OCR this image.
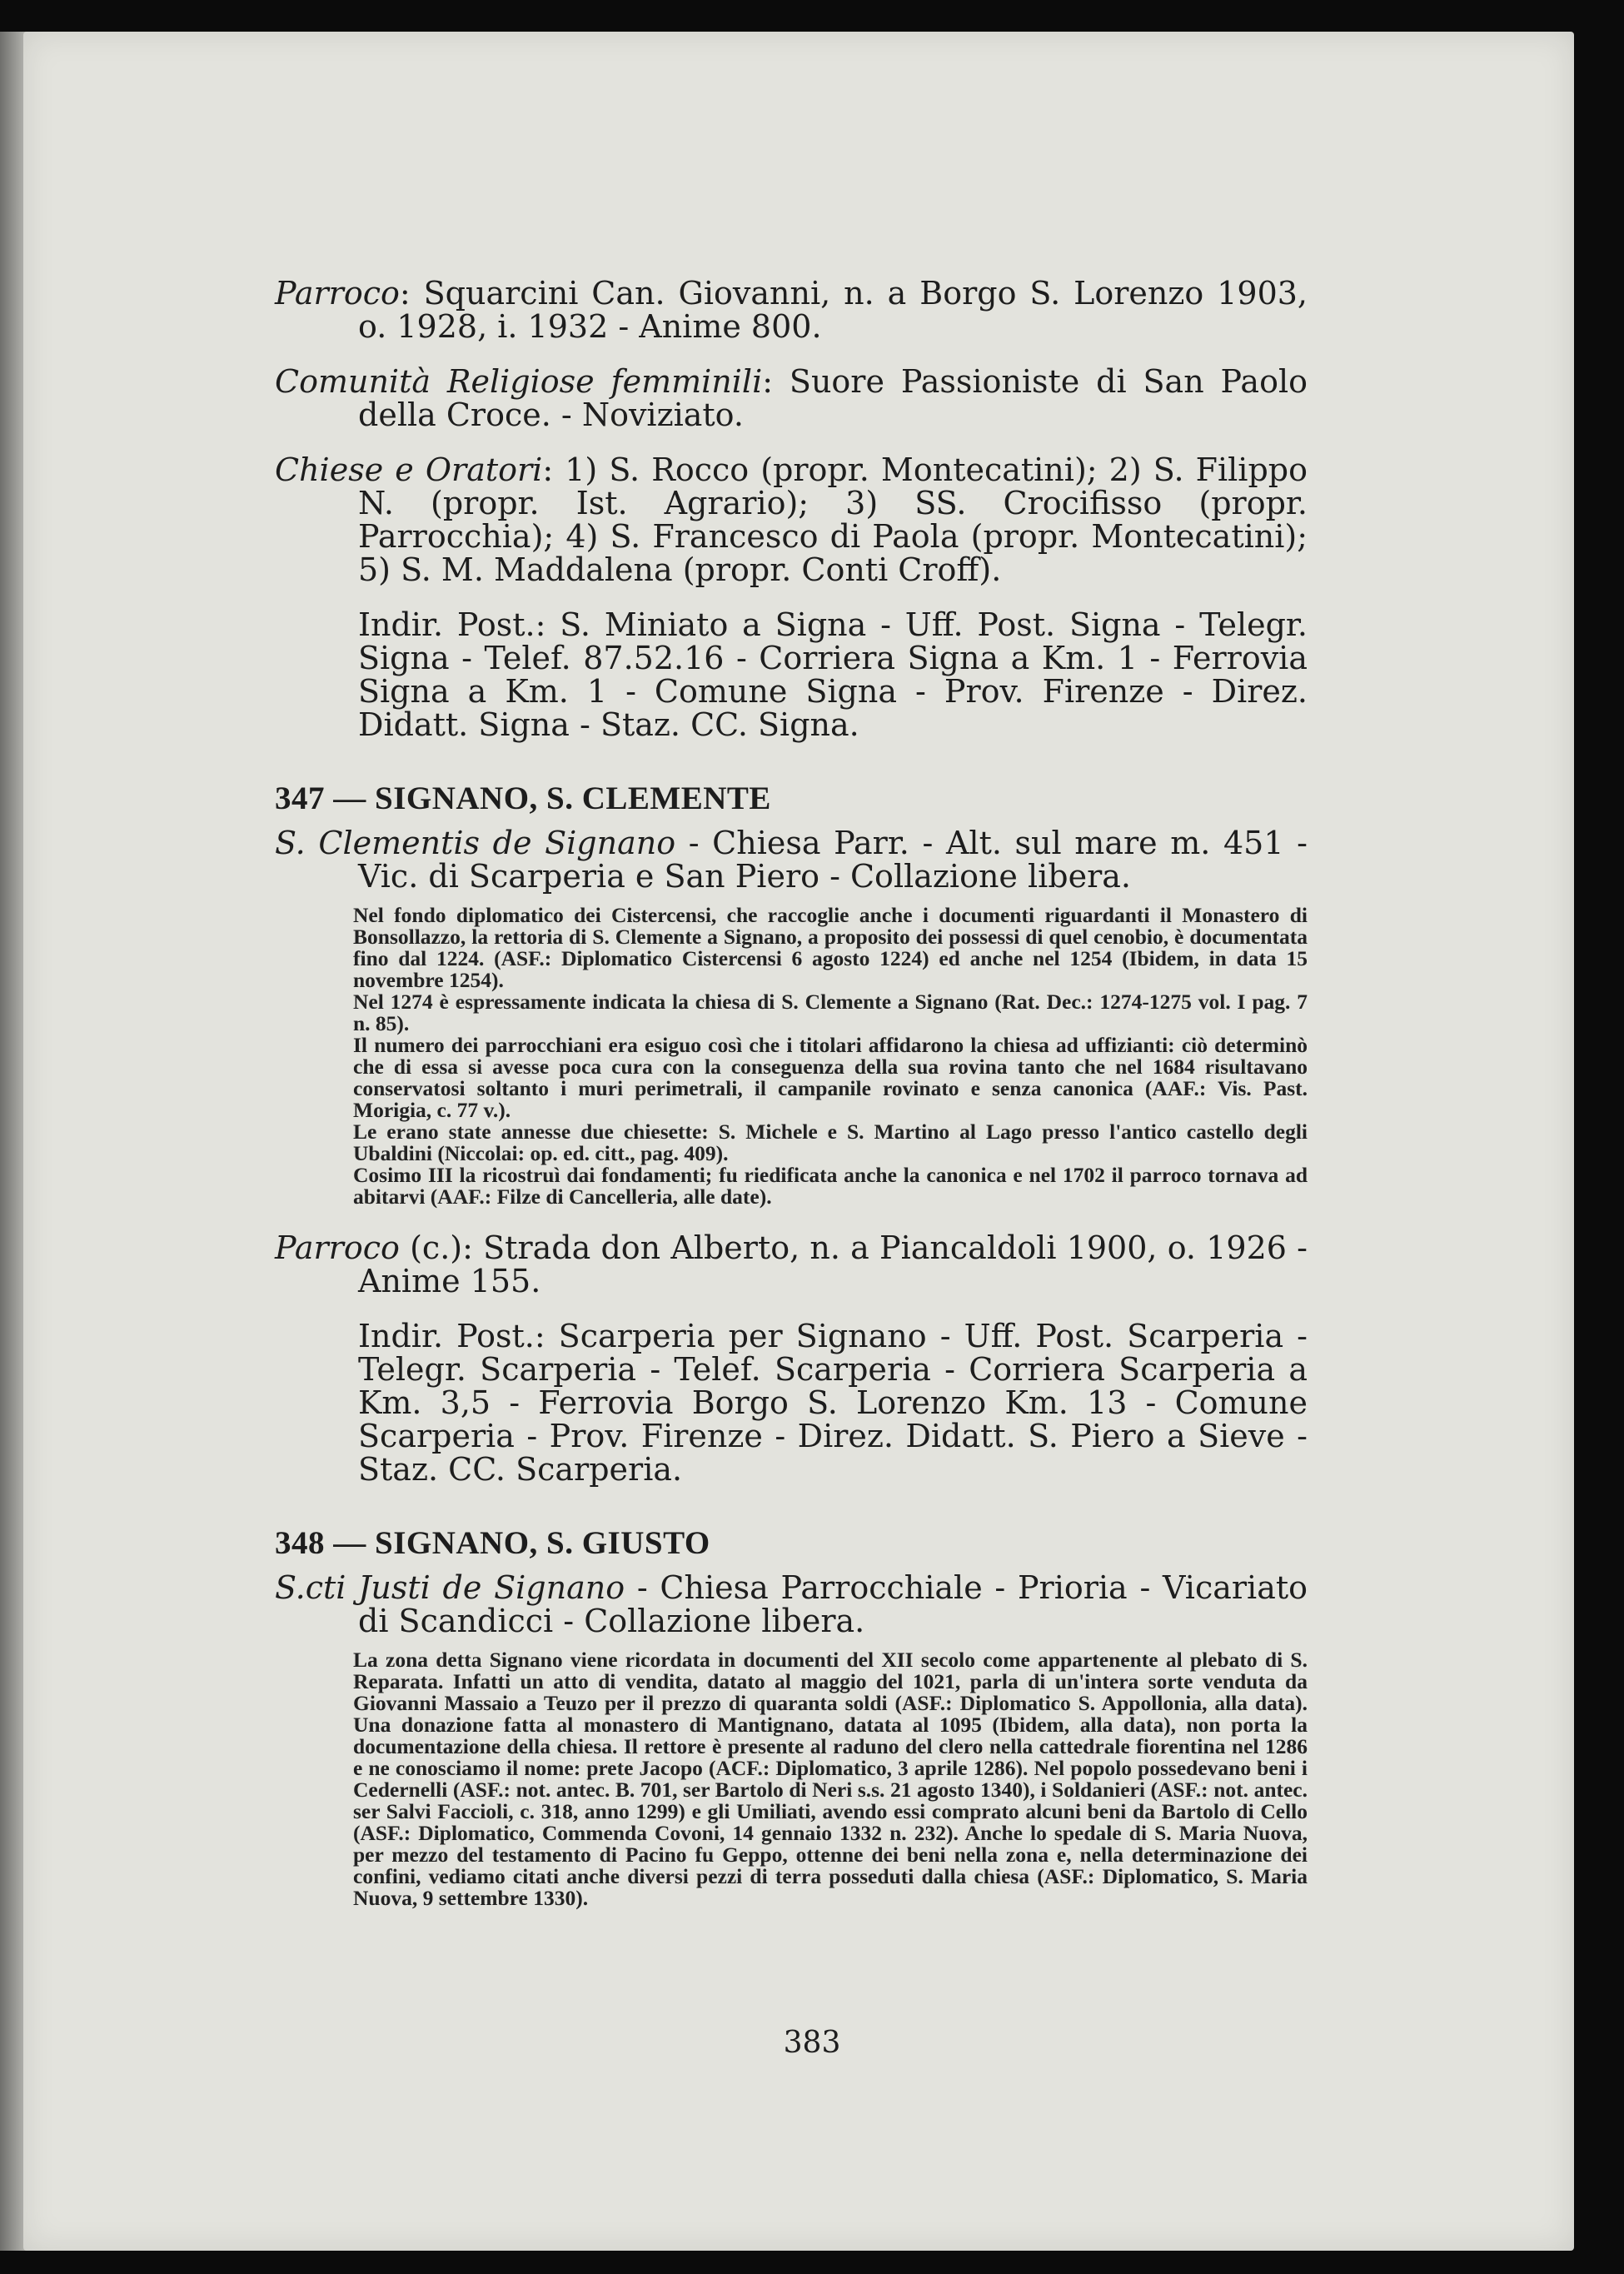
Parroco: Squarcini Can. Giovanni, n. a Borgo S. Lorenzo 1903, o. 1928, i. 1932 - Anime 800.

Comunità Religiose femminili: Suore Passioniste di San Paolo della Croce. - Noviziato.

Chiese e Oratori: 1) S. Rocco (propr. Montecatini); 2) S. Filippo N. (propr. Ist. Agrario); 3) SS. Crocifisso (propr. Parrocchia); 4) S. Francesco di Paola (propr. Montecatini); 5) S. M. Maddalena (propr. Conti Croff).

Indir. Post.: S. Miniato a Signa - Uff. Post. Signa - Telegr. Signa - Telef. 87.52.16 - Corriera Signa a Km. 1 - Ferrovia Signa a Km. 1 - Comune Signa - Prov. Firenze - Direz. Didatt. Signa - Staz. CC. Signa.

347 — SIGNANO, S. CLEMENTE

S. Clementis de Signano - Chiesa Parr. - Alt. sul mare m. 451 - Vic. di Scarperia e San Piero - Collazione libera.

Nel fondo diplomatico dei Cistercensi, che raccoglie anche i documenti riguardanti il Monastero di Bonsollazzo, la rettoria di S. Clemente a Signano, a proposito dei possessi di quel cenobio, è documentata fino dal 1224. (ASF.: Diplomatico Cistercensi 6 agosto 1224) ed anche nel 1254 (Ibidem, in data 15 novembre 1254).

Nel 1274 è espressamente indicata la chiesa di S. Clemente a Signano (Rat. Dec.: 1274-1275 vol. I pag. 7 n. 85).

Il numero dei parrocchiani era esiguo così che i titolari affidarono la chiesa ad uffizianti: ciò determinò che di essa si avesse poca cura con la conseguenza della sua rovina tanto che nel 1684 risultavano conservatosi soltanto i muri perimetrali, il campanile rovinato e senza canonica (AAF.: Vis. Past. Morigia, c. 77 v.).

Le erano state annesse due chiesette: S. Michele e S. Martino al Lago presso l'antico castello degli Ubaldini (Niccolai: op. ed. citt., pag. 409).

Cosimo III la ricostruì dai fondamenti; fu riedificata anche la canonica e nel 1702 il parroco tornava ad abitarvi (AAF.: Filze di Cancelleria, alle date).

Parroco (c.): Strada don Alberto, n. a Piancaldoli 1900, o. 1926 - Anime 155.

Indir. Post.: Scarperia per Signano - Uff. Post. Scarperia - Telegr. Scarperia - Telef. Scarperia - Corriera Scarperia a Km. 3,5 - Ferrovia Borgo S. Lorenzo Km. 13 - Comune Scarperia - Prov. Firenze - Direz. Didatt. S. Piero a Sieve - Staz. CC. Scarperia.

348 — SIGNANO, S. GIUSTO

S.cti Justi de Signano - Chiesa Parrocchiale - Prioria - Vicariato di Scandicci - Collazione libera.

La zona detta Signano viene ricordata in documenti del XII secolo come appartenente al plebato di S. Reparata. Infatti un atto di vendita, datato al maggio del 1021, parla di un'intera sorte venduta da Giovanni Massaio a Teuzo per il prezzo di quaranta soldi (ASF.: Diplomatico S. Appollonia, alla data). Una donazione fatta al monastero di Mantignano, datata al 1095 (Ibidem, alla data), non porta la documentazione della chiesa. Il rettore è presente al raduno del clero nella cattedrale fiorentina nel 1286 e ne conosciamo il nome: prete Jacopo (ACF.: Diplomatico, 3 aprile 1286). Nel popolo possedevano beni i Cedernelli (ASF.: not. antec. B. 701, ser Bartolo di Neri s.s. 21 agosto 1340), i Soldanieri (ASF.: not. antec. ser Salvi Faccioli, c. 318, anno 1299) e gli Umiliati, avendo essi comprato alcuni beni da Bartolo di Cello (ASF.: Diplomatico, Commenda Covoni, 14 gennaio 1332 n. 232). Anche lo spedale di S. Maria Nuova, per mezzo del testamento di Pacino fu Geppo, ottenne dei beni nella zona e, nella determinazione dei confini, vediamo citati anche diversi pezzi di terra posseduti dalla chiesa (ASF.: Diplomatico, S. Maria Nuova, 9 settembre 1330).

383
